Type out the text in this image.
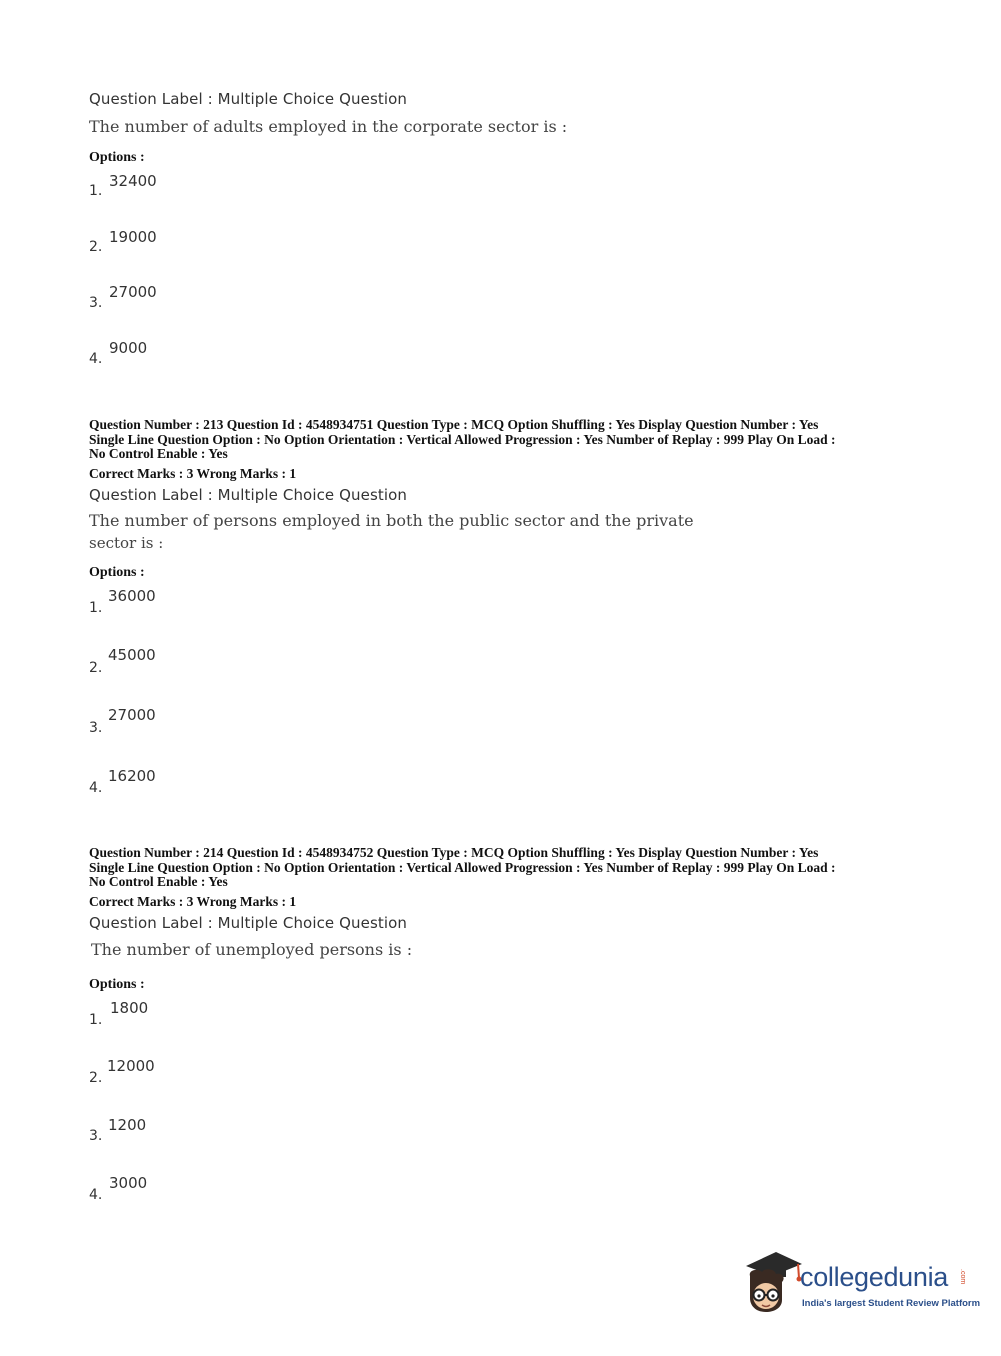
Question Label : Multiple Choice Question
The number of adults employed in the corporate sector is :
Options :
1.
32400
2.
19000
3.
27000
4.
9000
Question Number : 213 Question Id : 4548934751 Question Type : MCQ Option Shuffling : Yes Display Question Number : Yes
Single Line Question Option : No Option Orientation : Vertical Allowed Progression : Yes Number of Replay : 999 Play On Load :
No Control Enable : Yes
Correct Marks : 3 Wrong Marks : 1
Question Label : Multiple Choice Question
The number of persons employed in both the public sector and the private
sector is :
Options :
1.
36000
2.
45000
3.
27000
4.
16200
Question Number : 214 Question Id : 4548934752 Question Type : MCQ Option Shuffling : Yes Display Question Number : Yes
Single Line Question Option : No Option Orientation : Vertical Allowed Progression : Yes Number of Replay : 999 Play On Load :
No Control Enable : Yes
Correct Marks : 3 Wrong Marks : 1
Question Label : Multiple Choice Question
The number of unemployed persons is :
Options :
1.
1800
2.
12000
3.
1200
4.
3000
collegedunia .com
India's largest Student Review Platform
